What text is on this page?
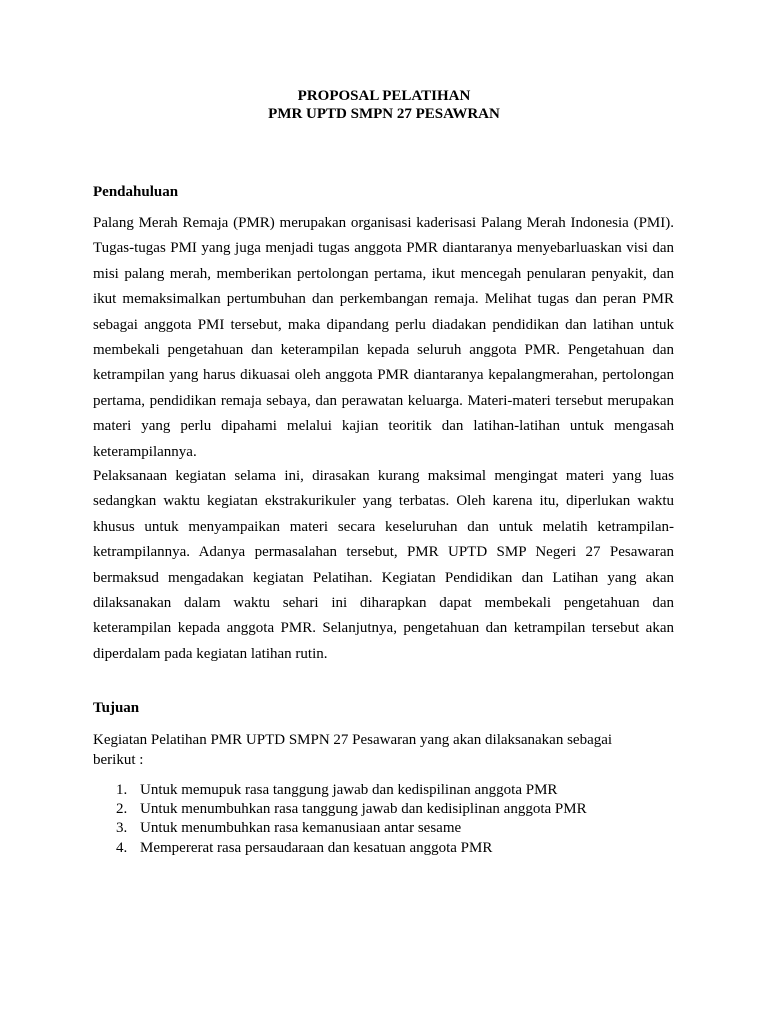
PROPOSAL PELATIHAN
PMR UPTD SMPN 27 PESAWRAN
Pendahuluan

Palang Merah Remaja (PMR) merupakan organisasi kaderisasi Palang Merah Indonesia (PMI). Tugas-tugas PMI yang juga menjadi tugas anggota PMR diantaranya menyebarluaskan visi dan misi palang merah, memberikan pertolongan pertama, ikut mencegah penularan penyakit, dan ikut memaksimalkan pertumbuhan dan perkembangan remaja. Melihat tugas dan peran PMR sebagai anggota PMI tersebut, maka dipandang perlu diadakan pendidikan dan latihan untuk membekali pengetahuan dan keterampilan kepada seluruh anggota PMR. Pengetahuan dan ketrampilan yang harus dikuasai oleh anggota PMR diantaranya kepalangmerahan, pertolongan pertama, pendidikan remaja sebaya, dan perawatan keluarga. Materi-materi tersebut merupakan materi yang perlu dipahami melalui kajian teoritik dan latihan-latihan untuk mengasah keterampilannya.

Pelaksanaan kegiatan selama ini, dirasakan kurang maksimal mengingat materi yang luas sedangkan waktu kegiatan ekstrakurikuler yang terbatas. Oleh karena itu, diperlukan waktu khusus untuk menyampaikan materi secara keseluruhan dan untuk melatih ketrampilan-ketrampilannya. Adanya permasalahan tersebut, PMR UPTD SMP Negeri 27 Pesawaran bermaksud mengadakan kegiatan Pelatihan. Kegiatan Pendidikan dan Latihan yang akan dilaksanakan dalam waktu sehari ini diharapkan dapat membekali pengetahuan dan keterampilan kepada anggota PMR. Selanjutnya, pengetahuan dan ketrampilan tersebut akan diperdalam pada kegiatan latihan rutin.

Tujuan

Kegiatan Pelatihan PMR UPTD SMPN 27 Pesawaran yang akan dilaksanakan sebagai berikut :

1. Untuk memupuk rasa tanggung jawab dan kedispilinan anggota PMR
2. Untuk menumbuhkan rasa tanggung jawab dan kedisiplinan anggota PMR
3. Untuk menumbuhkan rasa kemanusiaan antar sesame
4. Mempererat rasa persaudaraan dan kesatuan anggota PMR
